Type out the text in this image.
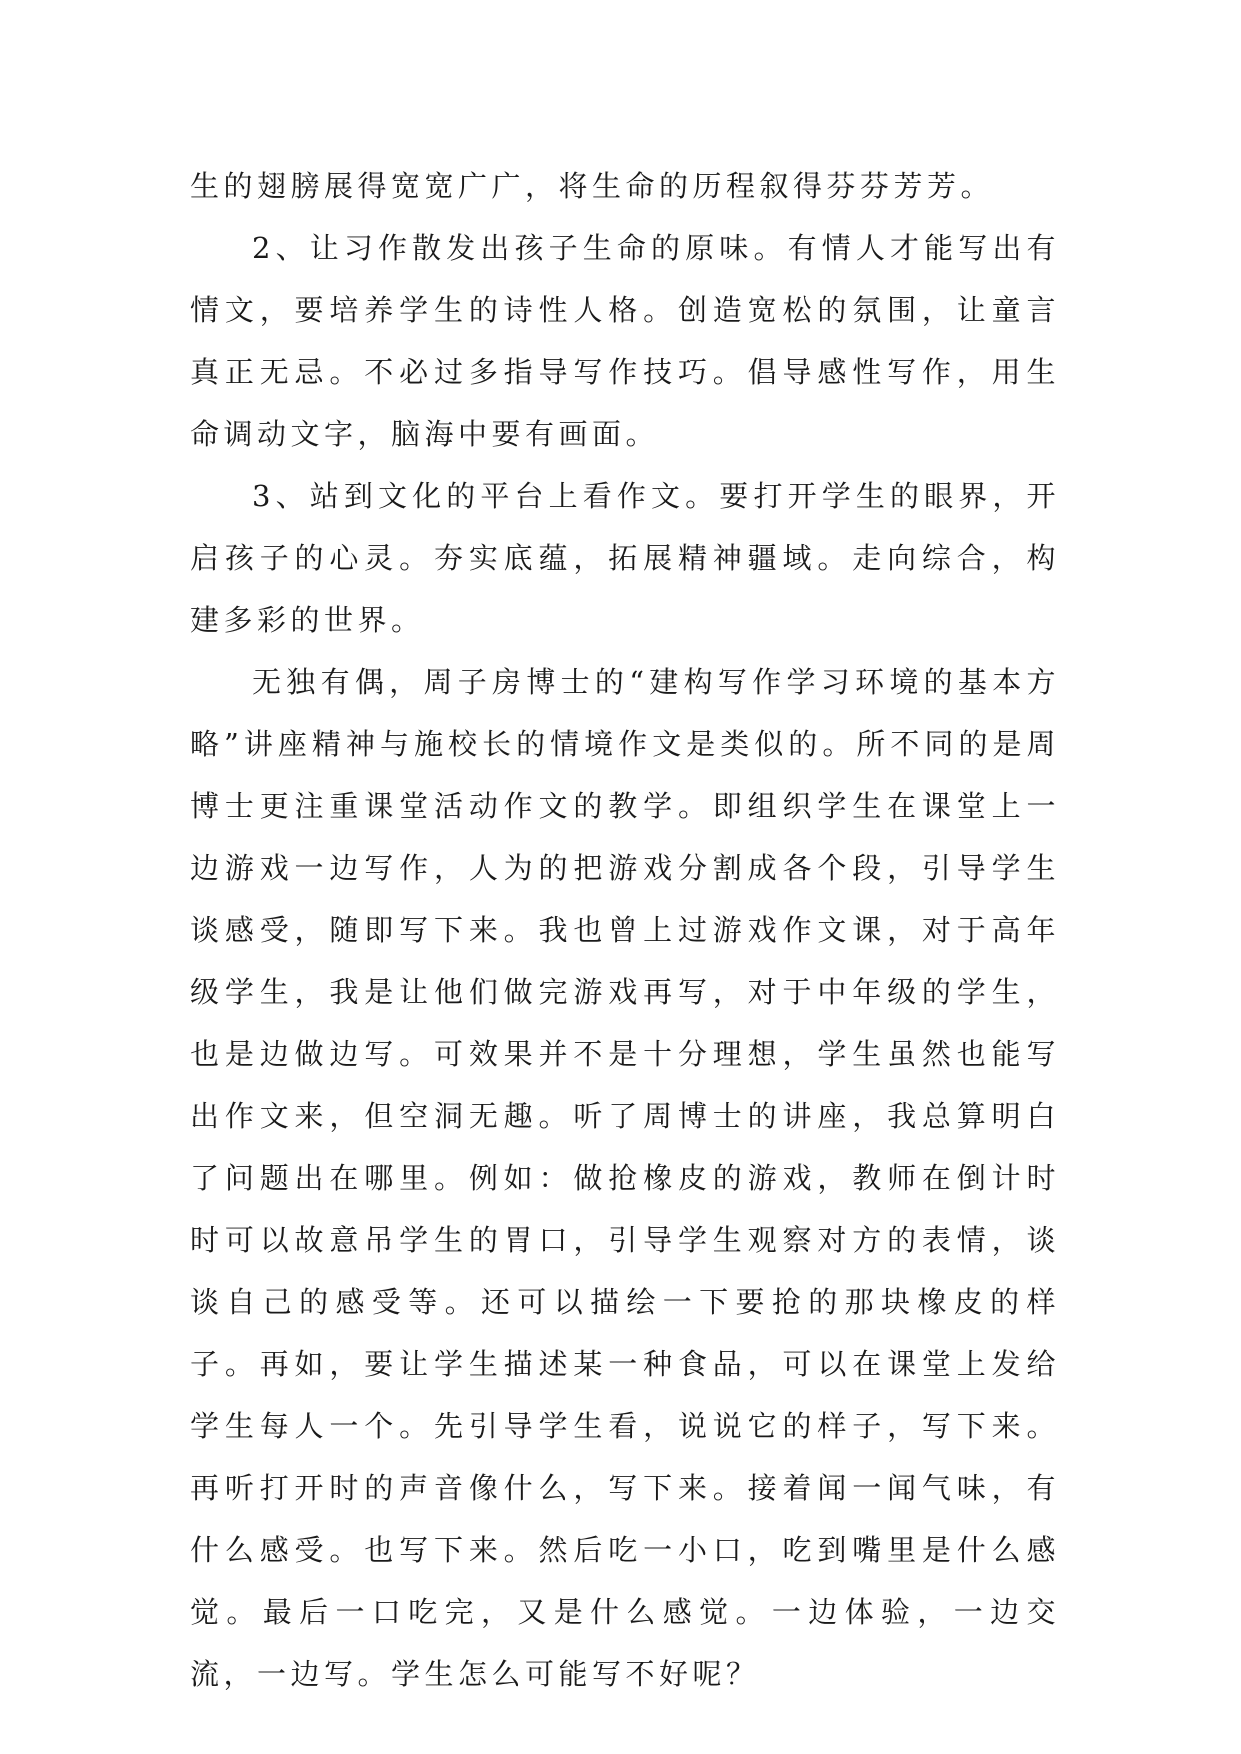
生的翅膀展得宽宽广广，将生命的历程叙得芬芬芳芳。

2、让习作散发出孩子生命的原味。有情人才能写出有情文，要培养学生的诗性人格。创造宽松的氛围，让童言真正无忌。不必过多指导写作技巧。倡导感性写作，用生命调动文字，脑海中要有画面。

3、站到文化的平台上看作文。要打开学生的眼界，开启孩子的心灵。夯实底蕴，拓展精神疆域。走向综合，构建多彩的世界。

无独有偶，周子房博士的“建构写作学习环境的基本方略”讲座精神与施校长的情境作文是类似的。所不同的是周博士更注重课堂活动作文的教学。即组织学生在课堂上一边游戏一边写作，人为的把游戏分割成各个段，引导学生谈感受，随即写下来。我也曾上过游戏作文课，对于高年级学生，我是让他们做完游戏再写，对于中年级的学生，也是边做边写。可效果并不是十分理想，学生虽然也能写出作文来，但空洞无趣。听了周博士的讲座，我总算明白了问题出在哪里。例如：做抢橡皮的游戏，教师在倒计时时可以故意吊学生的胃口，引导学生观察对方的表情，谈谈自己的感受等。还可以描绘一下要抢的那块橡皮的样子。再如，要让学生描述某一种食品，可以在课堂上发给学生每人一个。先引导学生看，说说它的样子，写下来。再听打开时的声音像什么，写下来。接着闻一闻气味，有什么感受。也写下来。然后吃一小口，吃到嘴里是什么感觉。最后一口吃完，又是什么感觉。一边体验，一边交流，一边写。学生怎么可能写不好呢？
